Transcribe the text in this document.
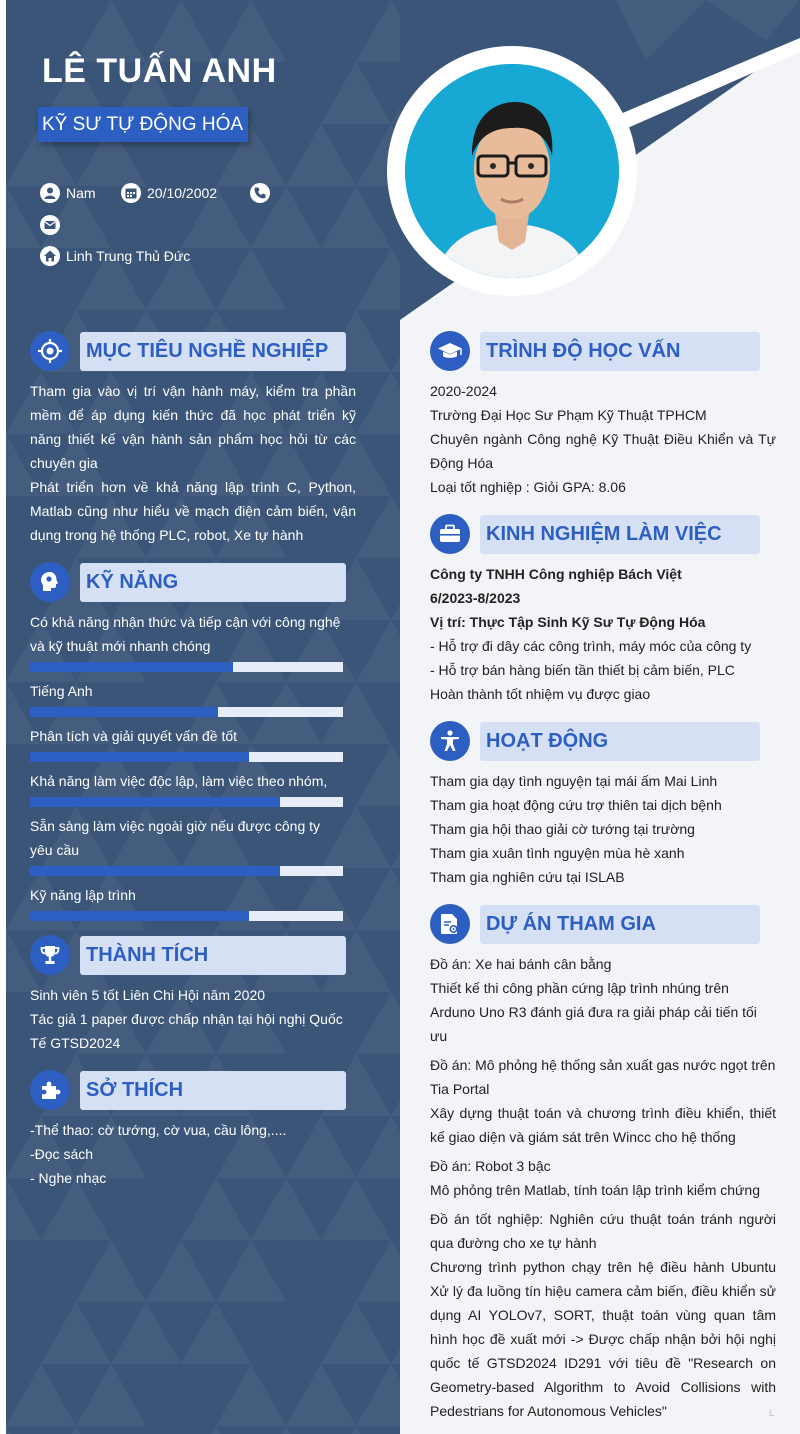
LÊ TUẤN ANH
KỸ SƯ TỰ ĐỘNG HÓA
Nam	20/10/2002
Linh Trung Thủ Đức
MỤC TIÊU NGHỀ NGHIỆP

Tham gia vào vị trí vận hành máy, kiểm tra phần mềm để áp dụng kiến thức đã học phát triển kỹ năng thiết kế vận hành sản phẩm học hỏi từ các chuyên gia

Phát triển hơn về khả năng lập trình C, Python, Matlab cũng như hiểu về mạch điện cảm biến, vận dụng trong hệ thống PLC, robot, Xe tự hành

KỸ NĂNG
Có khả năng nhận thức và tiếp cận với công nghệ và kỹ thuật mới nhanh chóng
Tiếng Anh
Phân tích và giải quyết vấn đề tốt
Khả năng làm việc độc lập, làm việc theo nhóm,
Sẵn sàng làm việc ngoài giờ nếu được công ty yêu cầu
Kỹ năng lập trình
THÀNH TÍCH

Sinh viên 5 tốt Liên Chi Hội năm 2020

Tác giả 1 paper được chấp nhận tại hội nghị Quốc Tế GTSD2024

SỞ THÍCH

-Thể thao: cờ tướng, cờ vua, cầu lông,....

-Đọc sách

- Nghe nhạc

TRÌNH ĐỘ HỌC VẤN

2020-2024

Trường Đại Học Sư Phạm Kỹ Thuật TPHCM

Chuyên ngành Công nghệ Kỹ Thuật Điều Khiển và Tự Động Hóa

Loại tốt nghiệp : Giỏi GPA: 8.06

KINH NGHIỆM LÀM VIỆC

Công ty TNHH Công nghiệp Bách Việt

6/2023-8/2023

Vị trí: Thực Tập Sinh Kỹ Sư Tự Động Hóa

- Hỗ trợ đi dây các công trình, máy móc của công ty

- Hỗ trợ bán hàng biến tần thiết bị cảm biến, PLC

Hoàn thành tốt nhiệm vụ được giao

HOẠT ĐỘNG

Tham gia dạy tình nguyện tại mái ấm Mai Linh

Tham gia hoạt động cứu trợ thiên tai dịch bệnh

Tham gia hội thao giải cờ tướng tại trường

Tham gia xuân tình nguyện mùa hè xanh

Tham gia nghiên cứu tại ISLAB

DỰ ÁN THAM GIA

Đồ án: Xe hai bánh cân bằng

Thiết kế thi công phần cứng lập trình nhúng trên Arduno Uno R3 đánh giá đưa ra giải pháp cải tiến tối ưu

Đồ án: Mô phỏng hệ thống sản xuất gas nước ngọt trên Tia Portal

Xây dựng thuật toán và chương trình điều khiển, thiết kế giao diện và giám sát trên Wincc cho hệ thống

Đồ án: Robot 3 bậc

Mô phỏng trên Matlab, tính toán lập trình kiểm chứng

Đồ án tốt nghiệp: Nghiên cứu thuật toán tránh người qua đường cho xe tự hành

Chương trình python chạy trên hệ điều hành Ubuntu Xử lý đa luồng tín hiệu camera cảm biến, điều khiển sử dụng AI YOLOv7, SORT, thuật toán vùng quan tâm hình học đề xuất mới -> Được chấp nhận bởi hội nghị quốc tế GTSD2024 ID291 với tiêu đề "Research on Geometry-based Algorithm to Avoid Collisions with Pedestrians for Autonomous Vehicles"	L
